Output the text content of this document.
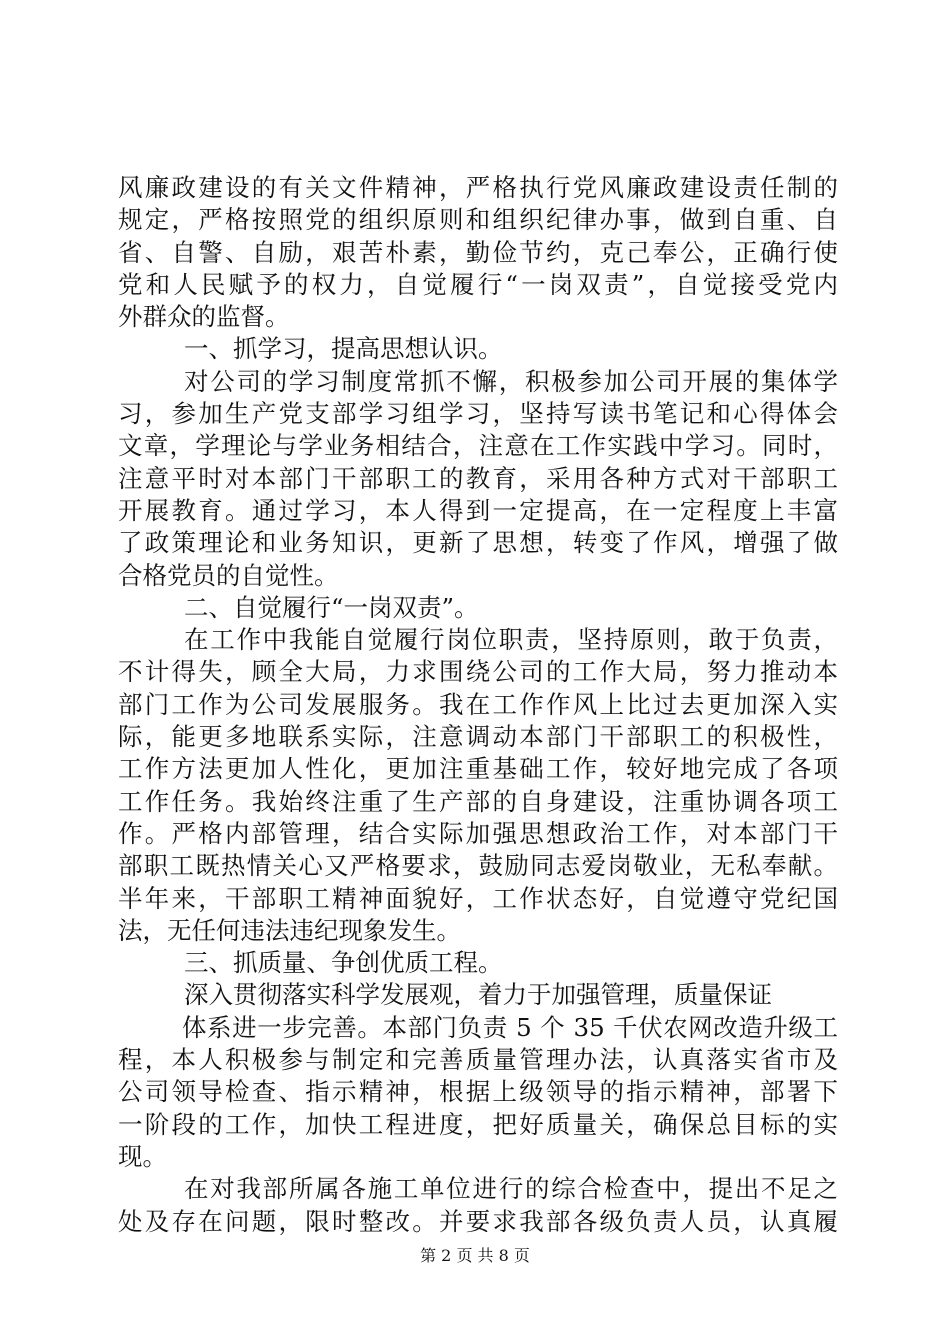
风廉政建设的有关文件精神，严格执行党风廉政建设责任制的
规定，严格按照党的组织原则和组织纪律办事，做到自重、自
省、自警、自励，艰苦朴素，勤俭节约，克己奉公，正确行使
党和人民赋予的权力，自觉履行“一岗双责”，自觉接受党内
外群众的监督。
一、抓学习，提高思想认识。
对公司的学习制度常抓不懈，积极参加公司开展的集体学
习，参加生产党支部学习组学习，坚持写读书笔记和心得体会
文章，学理论与学业务相结合，注意在工作实践中学习。同时，
注意平时对本部门干部职工的教育，采用各种方式对干部职工
开展教育。通过学习，本人得到一定提高，在一定程度上丰富
了政策理论和业务知识，更新了思想，转变了作风，增强了做
合格党员的自觉性。
二、自觉履行“一岗双责”。
在工作中我能自觉履行岗位职责，坚持原则，敢于负责，
不计得失，顾全大局，力求围绕公司的工作大局，努力推动本
部门工作为公司发展服务。我在工作作风上比过去更加深入实
际，能更多地联系实际，注意调动本部门干部职工的积极性，
工作方法更加人性化，更加注重基础工作，较好地完成了各项
工作任务。我始终注重了生产部的自身建设，注重协调各项工
作。严格内部管理，结合实际加强思想政治工作，对本部门干
部职工既热情关心又严格要求，鼓励同志爱岗敬业，无私奉献。
半年来，干部职工精神面貌好，工作状态好，自觉遵守党纪国
法，无任何违法违纪现象发生。
三、抓质量、争创优质工程。
深入贯彻落实科学发展观，着力于加强管理，质量保证
体系进一步完善。本部门负责 5 个 35 千伏农网改造升级工
程，本人积极参与制定和完善质量管理办法，认真落实省市及
公司领导检查、指示精神，根据上级领导的指示精神，部署下
一阶段的工作，加快工程进度，把好质量关，确保总目标的实
现。
在对我部所属各施工单位进行的综合检查中，提出不足之
处及存在问题，限时整改。并要求我部各级负责人员，认真履
第 2 页 共 8 页
